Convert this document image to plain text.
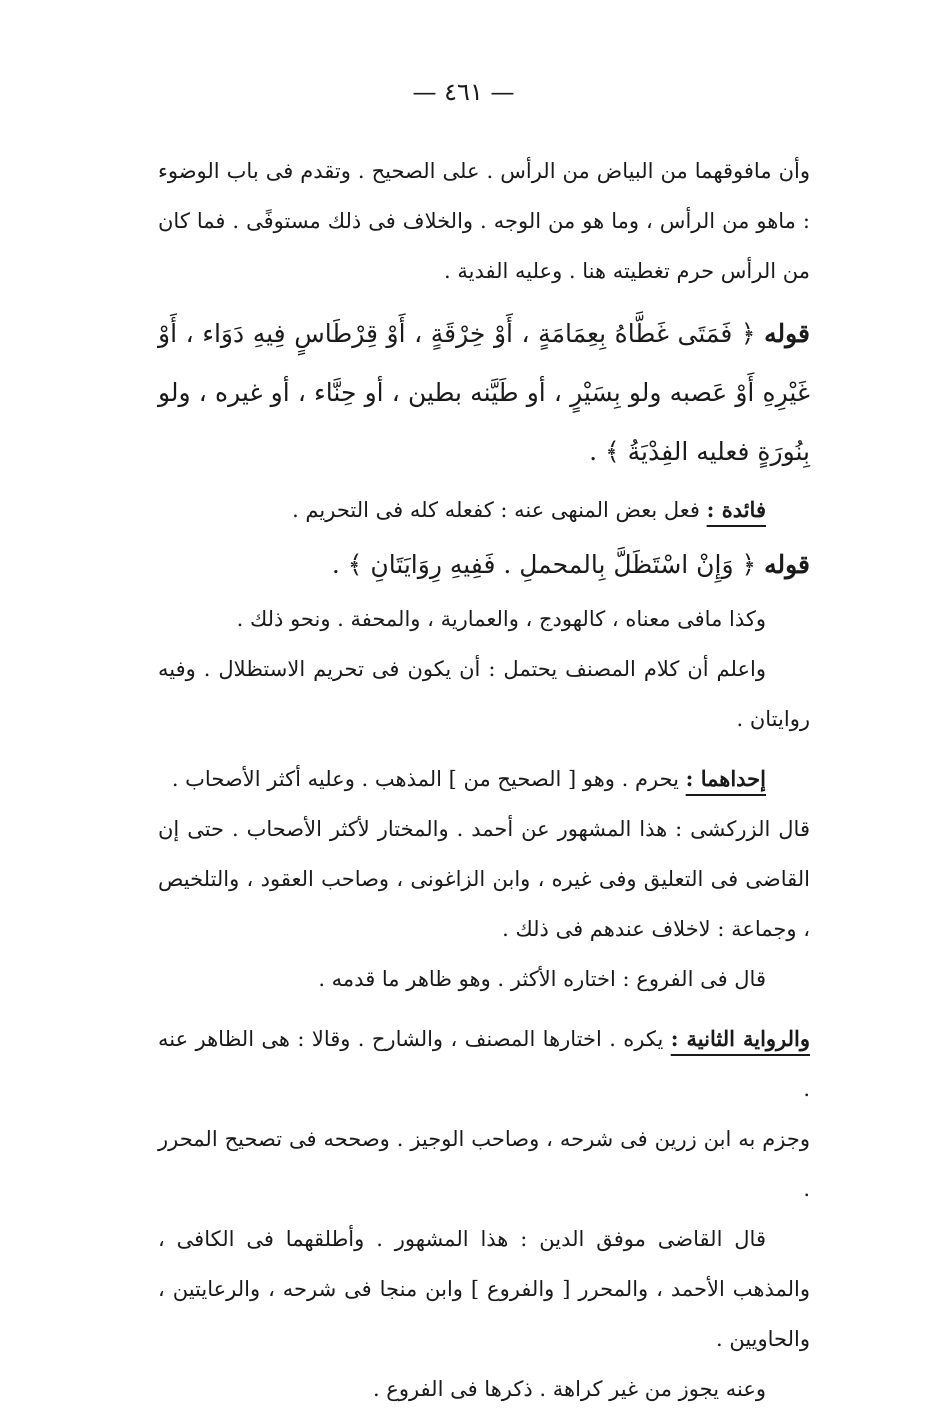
— ٤٦١ —

وأن مافوقهما من البياض من الرأس . على الصحيح . وتقدم فى باب الوضوء : ماهو من الرأس ، وما هو من الوجه . والخلاف فى ذلك مستوفًى . فما كان من الرأس حرم تغطيته هنا . وعليه الفدية .

قوله ﴿ فَمَتَى غَطَّاهُ بِعِمَامَةٍ ، أَوْ خِرْقَةٍ ، أَوْ قِرْطَاسٍ فِيهِ دَوَاء ، أَوْ غَيْرِهِ أَوْ عَصبه ولو بِسَيْرٍ ، أو طَيَّنه بطين ، أو حِنَّاء ، أو غيره ، ولو بِنُورَةٍ فعليه الفِدْيَةُ ﴾ .

فائدة : فعل بعض المنهى عنه : كفعله كله فى التحريم .

قوله ﴿ وَإِنْ اسْتَظَلَّ بِالمحملِ . فَفِيهِ رِوَايَتَانِ ﴾ .

وكذا مافى معناه ، كالهودج ، والعمارية ، والمحفة . ونحو ذلك .

واعلم أن كلام المصنف يحتمل : أن يكون فى تحريم الاستظلال . وفيه روايتان .

إحداهما : يحرم . وهو [ الصحيح من ] المذهب . وعليه أكثر الأصحاب .

قال الزركشى : هذا المشهور عن أحمد . والمختار لأكثر الأصحاب . حتى إن القاضى فى التعليق وفى غيره ، وابن الزاغونى ، وصاحب العقود ، والتلخيص ، وجماعة : لاخلاف عندهم فى ذلك .

قال فى الفروع : اختاره الأكثر . وهو ظاهر ما قدمه .

والرواية الثانية : يكره . اختارها المصنف ، والشارح . وقالا : هى الظاهر عنه .

وجزم به ابن زرين فى شرحه ، وصاحب الوجيز . وصححه فى تصحيح المحرر .

قال القاضى موفق الدين : هذا المشهور . وأطلقهما فى الكافى ، والمذهب الأحمد ، والمحرر [ والفروع ] وابن منجا فى شرحه ، والرعايتين ، والحاويين .

وعنه يجوز من غير كراهة . ذكرها فى الفروع .
